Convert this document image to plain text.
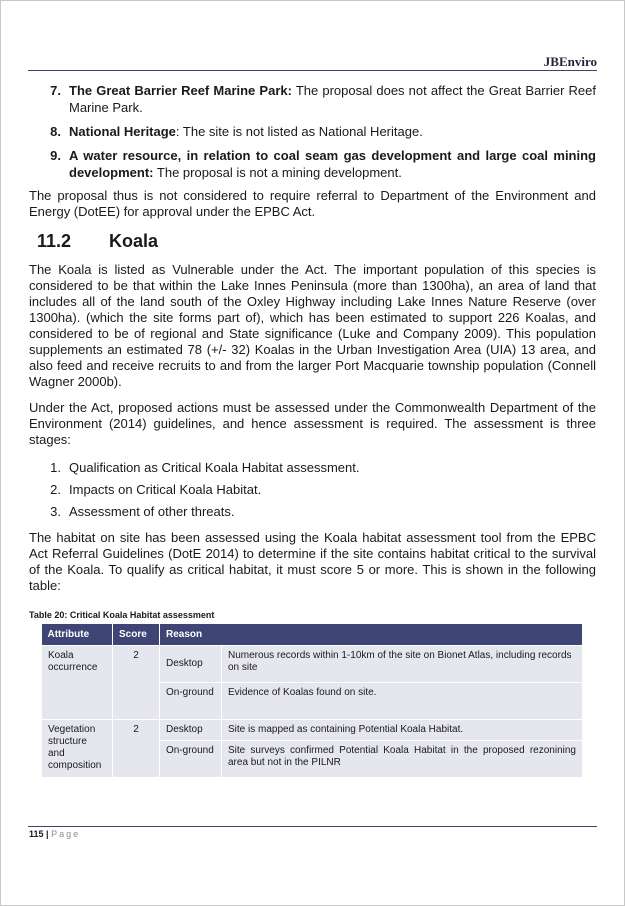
JBEnviro
7. The Great Barrier Reef Marine Park: The proposal does not affect the Great Barrier Reef Marine Park.
8. National Heritage: The site is not listed as National Heritage.
9. A water resource, in relation to coal seam gas development and large coal mining development: The proposal is not a mining development.

The proposal thus is not considered to require referral to Department of the Environment and Energy (DotEE) for approval under the EPBC Act.

11.2	Koala

The Koala is listed as Vulnerable under the Act. The important population of this species is considered to be that within the Lake Innes Peninsula (more than 1300ha), an area of land that includes all of the land south of the Oxley Highway including Lake Innes Nature Reserve (over 1300ha). (which the site forms part of), which has been estimated to support 226 Koalas, and considered to be of regional and State significance (Luke and Company 2009). This population supplements an estimated 78 (+/- 32) Koalas in the Urban Investigation Area (UIA) 13 area, and also feed and receive recruits to and from the larger Port Macquarie township population (Connell Wagner 2000b).

Under the Act, proposed actions must be assessed under the Commonwealth Department of the Environment (2014) guidelines, and hence assessment is required. The assessment is three stages:

1. Qualification as Critical Koala Habitat assessment.
2. Impacts on Critical Koala Habitat.
3. Assessment of other threats.

The habitat on site has been assessed using the Koala habitat assessment tool from the EPBC Act Referral Guidelines (DotE 2014) to determine if the site contains habitat critical to the survival of the Koala. To qualify as critical habitat, it must score 5 or more. This is shown in the following table:

Table 20: Critical Koala Habitat assessment
Attribute	Score	Reason	
Koala occurrence	2	Desktop	Numerous records within 1-10km of the site on Bionet Atlas, including records on site
		On-ground	Evidence of Koalas found on site.
Vegetation structure and composition	2	Desktop	Site is mapped as containing Potential Koala Habitat.
		On-ground	Site surveys confirmed Potential Koala Habitat in the proposed rezonining area but not in the PILNR
115 | Page
